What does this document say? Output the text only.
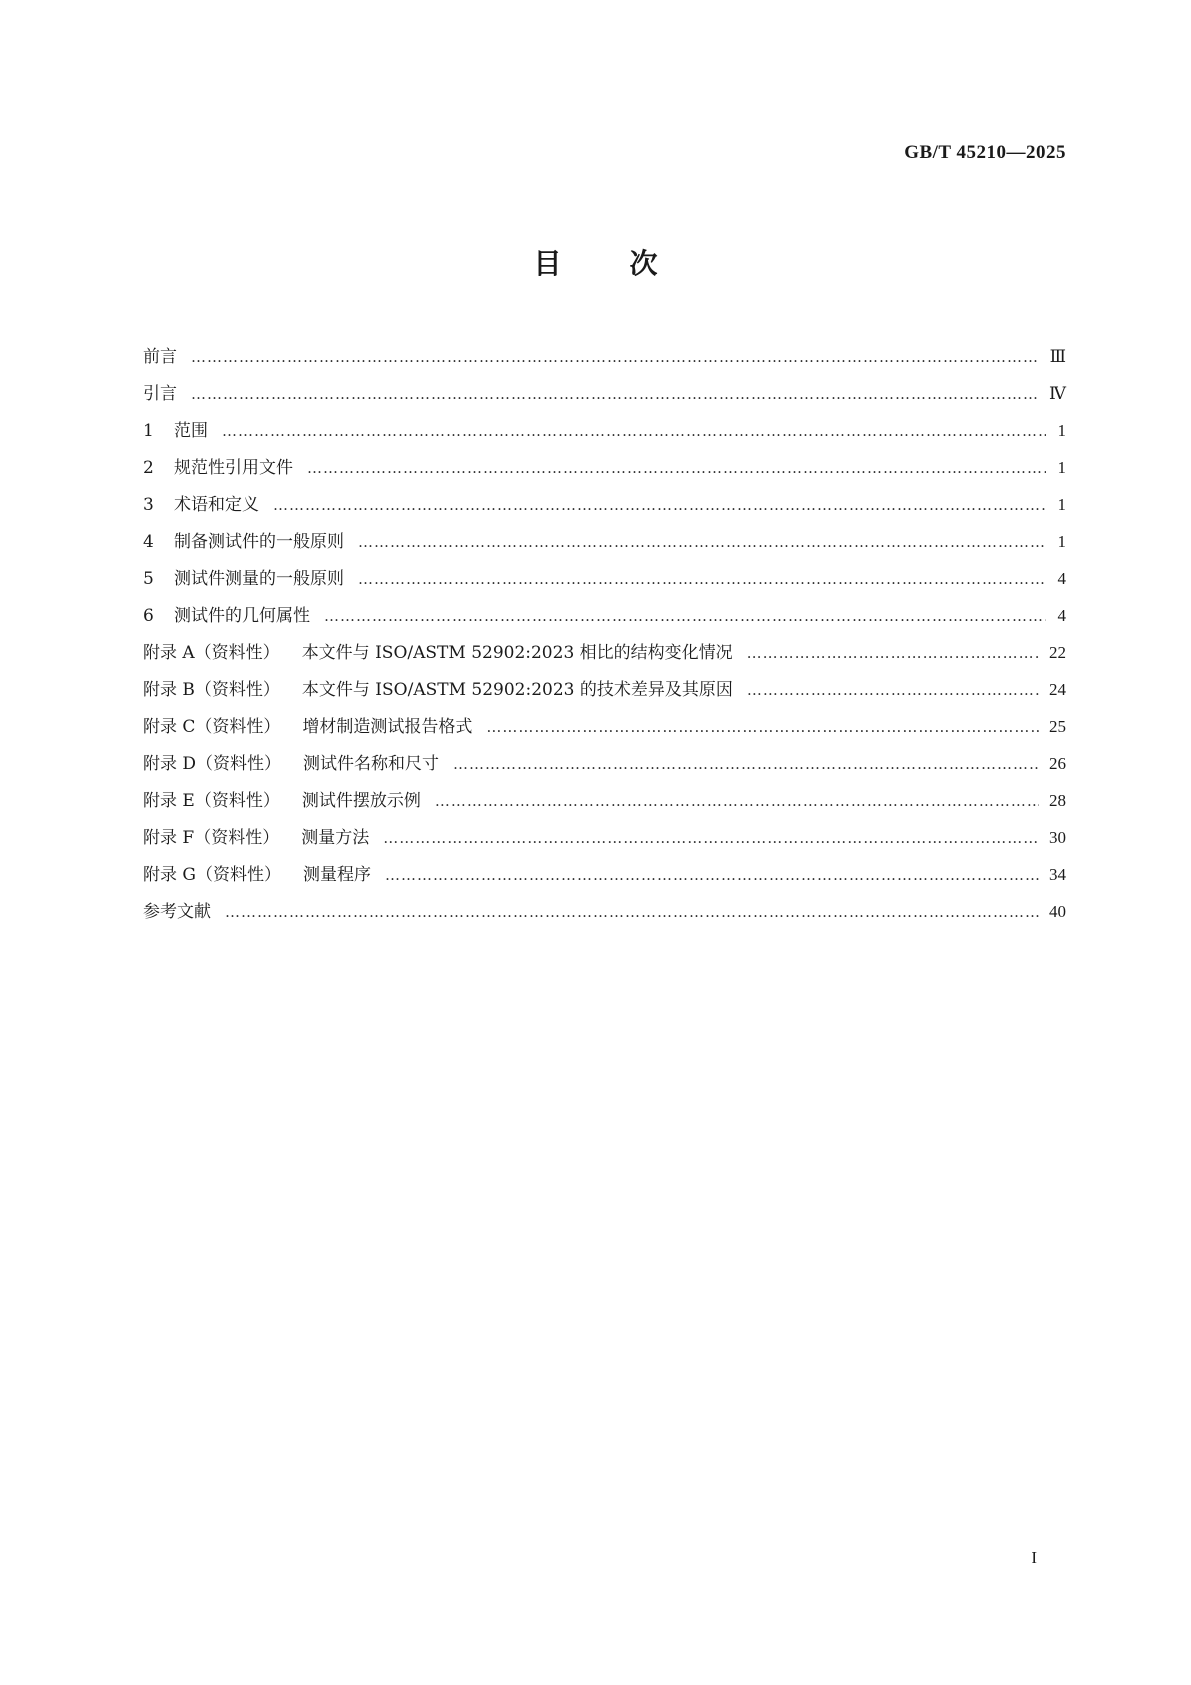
GB/T 45210—2025
目次
前言 ……………………………………………………………………………………………………………………………………………………………………………………………………	Ⅲ
引言 ……………………………………………………………………………………………………………………………………………………………………………………………………	Ⅳ
1	范围 ……………………………………………………………………………………………………………………………………………………………………………………………………	1
2	规范性引用文件 ……………………………………………………………………………………………………………………………………………………………………………………………………	1
3	术语和定义 ……………………………………………………………………………………………………………………………………………………………………………………………………	1
4	制备测试件的一般原则 ……………………………………………………………………………………………………………………………………………………………………………………………………	1
5	测试件测量的一般原则 ……………………………………………………………………………………………………………………………………………………………………………………………………	4
6	测试件的几何属性 ……………………………………………………………………………………………………………………………………………………………………………………………………	4
附录 A（资料性） 本文件与 ISO/ASTM 52902:2023 相比的结构变化情况 ……………………………………………………………………………………………………………………………………………………………………………………………………	22
附录 B（资料性） 本文件与 ISO/ASTM 52902:2023 的技术差异及其原因 ……………………………………………………………………………………………………………………………………………………………………………………………………	24
附录 C（资料性） 增材制造测试报告格式 ……………………………………………………………………………………………………………………………………………………………………………………………………	25
附录 D（资料性） 测试件名称和尺寸 ……………………………………………………………………………………………………………………………………………………………………………………………………	26
附录 E（资料性） 测试件摆放示例 ……………………………………………………………………………………………………………………………………………………………………………………………………	28
附录 F（资料性） 测量方法 ……………………………………………………………………………………………………………………………………………………………………………………………………	30
附录 G（资料性） 测量程序 ……………………………………………………………………………………………………………………………………………………………………………………………………	34
参考文献 ……………………………………………………………………………………………………………………………………………………………………………………………………	40
I
